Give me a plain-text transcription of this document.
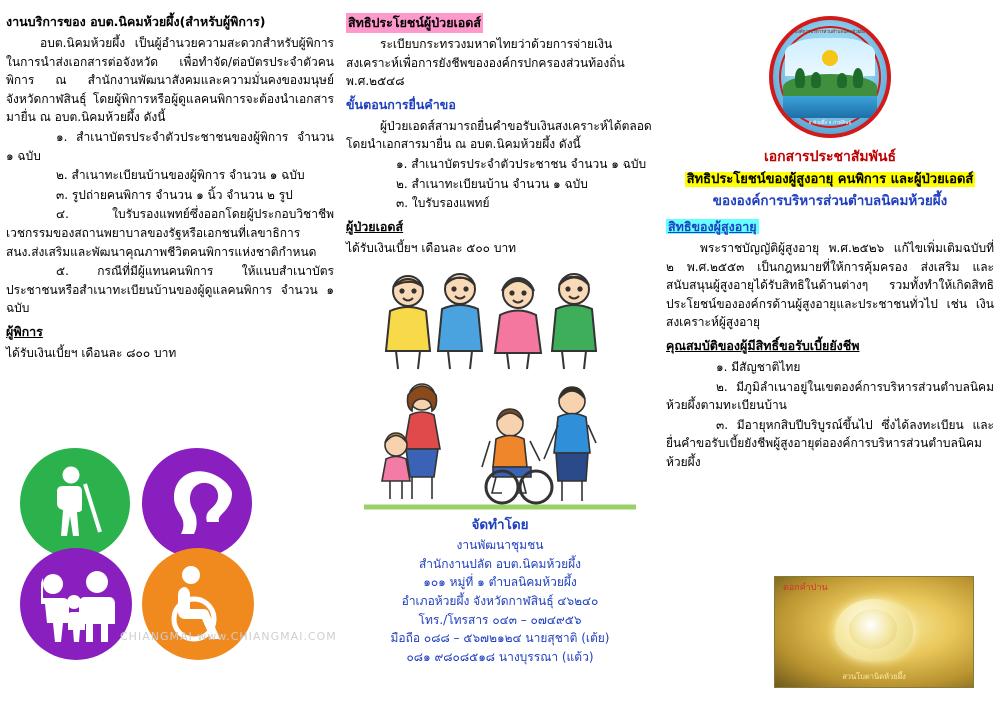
งานบริการของ อบต.นิคมห้วยผึ้ง(สำหรับผู้พิการ)

อบต.นิคมห้วยผึ้ง เป็นผู้อำนวยความสะดวกสำหรับผู้พิการในการนำส่งเอกสารต่อจังหวัด เพื่อทำจัด/ต่อบัตรประจำตัวคนพิการ ณ สำนักงานพัฒนาสังคมและความมั่นคงของมนุษย์ จังหวัดกาฬสินธุ์ โดยผู้พิการหรือผู้ดูแลคนพิการจะต้องนำเอกสารมายื่น ณ อบต.นิคมห้วยผึ้ง ดังนี้

๑. สำเนาบัตรประจำตัวประชาชนของผู้พิการ จำนวน ๑ ฉบับ

๒. สำเนาทะเบียนบ้านของผู้พิการ จำนวน ๑ ฉบับ

๓. รูปถ่ายคนพิการ จำนวน ๑ นิ้ว จำนวน ๒ รูป

๔. ใบรับรองแพทย์ซึ่งออกโดยผู้ประกอบวิชาชีพเวชกรรมของสถานพยาบาลของรัฐหรือเอกชนที่เลขาธิการ สนง.ส่งเสริมและพัฒนาคุณภาพชีวิตคนพิการแห่งชาติกำหนด

๕. กรณีที่มีผู้แทนคนพิการ ให้แนบสำเนาบัตรประชาชนหรือสำเนาทะเบียนบ้านของผู้ดูแลคนพิการ จำนวน ๑ ฉบับ

ผู้พิการ

ได้รับเงินเบี้ยฯ เดือนละ ๘๐๐ บาท

CHIANGMAI www.CHIANGMAI.COM
สิทธิประโยชน์ผู้ป่วยเอดส์

ระเบียบกระทรวงมหาดไทยว่าด้วยการจ่ายเงินสงเคราะห์เพื่อการยังชีพขององค์กรปกครองส่วนท้องถิ่น พ.ศ.๒๕๔๘

ขั้นตอนการยื่นคำขอ

ผู้ป่วยเอดส์สามารถยื่นคำขอรับเงินสงเคราะห์ได้ตลอด โดยนำเอกสารมายื่น ณ อบต.นิคมห้วยผึ้ง ดังนี้

๑. สำเนาบัตรประจำตัวประชาชน จำนวน ๑ ฉบับ

๒. สำเนาทะเบียนบ้าน จำนวน ๑ ฉบับ

๓. ใบรับรองแพทย์

ผู้ป่วยเอดส์

ได้รับเงินเบี้ยฯ เดือนละ ๕๐๐ บาท

จัดทำโดย
งานพัฒนาชุมชน
สำนักงานปลัด อบต.นิคมห้วยผึ้ง
๑๐๑ หมู่ที่ ๑ ตำบลนิคมห้วยผึ้ง
อำเภอห้วยผึ้ง จังหวัดกาฬสินธุ์ ๔๖๒๔๐
โทร./โทรสาร ๐๔๓ – ๐๗๔๙๕๖
มือถือ ๐๘๘ – ๕๖๗๒๑๒๔ นายสุชาติ (เต้ย)
๐๘๑ ๙๘๐๘๕๑๘ นางบุรรณา (แต้ว)
องค์การบริหารส่วนตำบลนิคมห้วยผึ้ง
อ.ห้วยผึ้ง จ.กาฬสินธุ์
เอกสารประชาสัมพันธ์
สิทธิประโยชน์ของผู้สูงอายุ คนพิการ และผู้ป่วยเอดส์
ขององค์การบริหารส่วนตำบลนิคมห้วยผึ้ง
สิทธิของผู้สูงอายุ

พระราชบัญญัติผู้สูงอายุ พ.ศ.๒๕๒๖ แก้ไขเพิ่มเติมฉบับที่ ๒ พ.ศ.๒๕๕๓ เป็นกฎหมายที่ให้การคุ้มครอง ส่งเสริม และสนับสนุนผู้สูงอายุได้รับสิทธิในด้านต่างๆ รวมทั้งทำให้เกิดสิทธิประโยชน์ขององค์กรด้านผู้สูงอายุและประชาชนทั่วไป เช่น เงินสงเคราะห์ผู้สูงอายุ

คุณสมบัติของผู้มีสิทธิ์ขอรับเบี้ยยังชีพ

๑. มีสัญชาติไทย

๒. มีภูมิลำเนาอยู่ในเขตองค์การบริหารส่วนตำบลนิคมห้วยผึ้งตามทะเบียนบ้าน

๓. มีอายุหกสิบปีบริบูรณ์ขึ้นไป ซึ่งได้ลงทะเบียน และยื่นคำขอรับเบี้ยยังชีพผู้สูงอายุต่อองค์การบริหารส่วนตำบลนิคมห้วยผึ้ง

ดอกคำปาน
สวนโบตานิคห้วยผึ้ง
